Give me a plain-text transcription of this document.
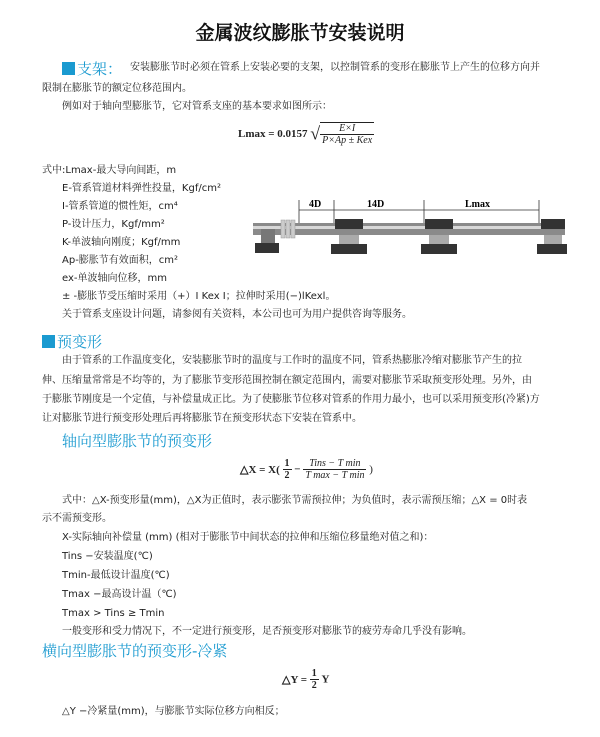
金属波纹膨胀节安装说明
支架： 安装膨胀节时必须在管系上安装必要的支架，以控制管系的变形在膨胀节上产生的位移方向并
限制在膨胀节的额定位移范围内。
例如对于轴向型膨胀节，它对管系支座的基本要求如图所示：
Lmax = 0.0157 √ $\frac{E\times I}{\text{P×Ap ± Kex}}$
式中:Lmax-最大导向间距，m
E-管系管道材料弹性投量，Kgf/cm²
I-管系管道的惯性矩，cm⁴
P-设计压力，Kgf/mm²
K-单波轴向刚度；Kgf/mm
Ap-膨胀节有效面积，cm²
ex-单波轴向位移，mm
± -膨胀节受压缩时采用（+）I Kex I；拉伸时采用(−)lKexl。
关于管系支座设计问题，请参阅有关资料，本公司也可为用户提供咨询等服务。
4D	14D	Lmax
预变形
由于管系的工作温度变化，安装膨胀节时的温度与工作时的温度不同，管系热膨胀冷缩对膨胀节产生的拉
伸、压缩量常常是不均等的，为了膨胀节变形范围控制在额定范围内，需要对膨胀节采取预变形处理。另外，由
于膨胀节刚度是一个定值，与补偿量成正比。为了使膨胀节位移对管系的作用力最小，也可以采用预变形(冷紧)方
让对膨胀节进行预变形处理后再将膨胀节在预变形状态下安装在管系中。
轴向型膨胀节的预变形
△X = $X( \frac{1}{2} - \frac{\text{Tins − T min}}{\text{T max − T min}}$ )
式中：△X-预变形量(mm)，△X为正值时，表示膨张节需预拉伸；为负值时，表示需预压缩；△X = 0时表
示不需预变形。
X-实际轴向补偿量 (mm) (相对于膨胀节中间状态的拉伸和压缩位移量绝对值之和)：
Tins −安装温度(℃)
Tmin-最低设计温度(℃)
Tmax −最高设计温（℃)
Tmax > Tins ≥ Tmin
一般变形和受力情况下，不一定进行预变形，足否预变形对膨胀节的疲劳寿命几乎没有影响。
横向型膨胀节的预变形-冷紧
△Y = $\frac{1}{2}$ Y
△Y −冷紧量(mm)，与膨胀节实际位移方向相反；
